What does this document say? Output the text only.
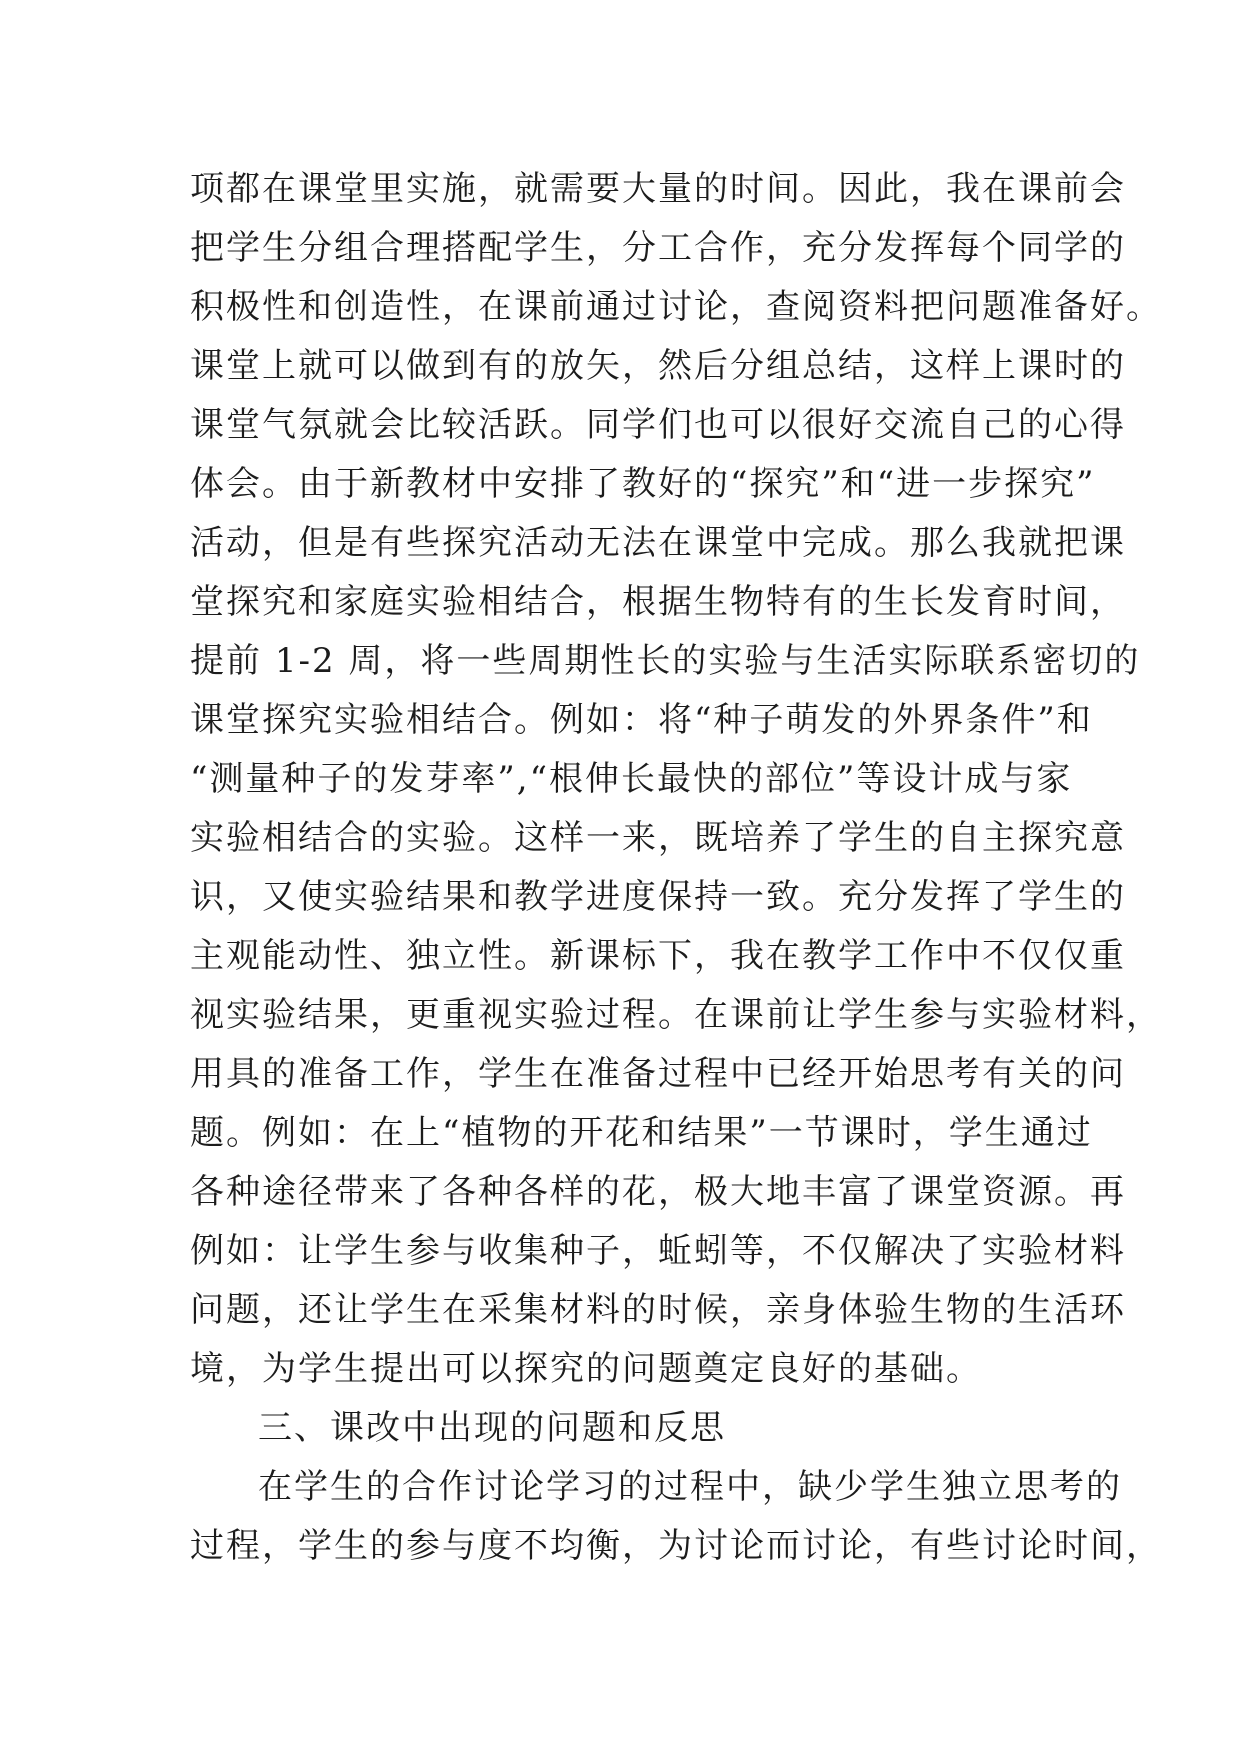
项 都 在 课 堂 里 实 施 ， 就 需 要 大 量 的 时 间 。 因 此 ， 我 在 课 前 会
把 学 生 分 组 合 理 搭 配 学 生 ， 分 工 合 作 ， 充 分 发 挥 每 个 同 学 的
积 极 性 和 创 造 性 ， 在 课 前 通 过 讨 论 ， 查 阅 资 料 把 问 题 准 备 好 。
课 堂 上 就 可 以 做 到 有 的 放 矢 ， 然 后 分 组 总 结 ， 这 样 上 课 时 的
课 堂 气 氛 就 会 比 较 活 跃 。 同 学 们 也 可 以 很 好 交 流 自 己 的 心 得
体 会 。 由 于 新 教 材 中 安 排 了 教 好 的 “ 探 究 ” 和 “ 进 一 步 探 究 ”
活 动 ， 但 是 有 些 探 究 活 动 无 法 在 课 堂 中 完 成 。 那 么 我 就 把 课
堂 探 究 和 家 庭 实 验 相 结 合 ， 根 据 生 物 特 有 的 生 长 发 育 时 间 ，
提 前
1 - 2
周 ， 将 一 些 周 期 性 长 的 实 验 与 生 活 实 际 联 系 密 切 的
课 堂 探 究 实 验 相 结 合 。 例 如 ： 将 “ 种 子 萌 发 的 外 界 条 件 ” 和
“ 测 量 种 子 的 发 芽 率 ” , “ 根 伸 长 最 快 的 部 位 ” 等 设 计 成 与 家
实 验 相 结 合 的 实 验 。 这 样 一 来 ， 既 培 养 了 学 生 的 自 主 探 究 意
识 ， 又 使 实 验 结 果 和 教 学 进 度 保 持 一 致 。 充 分 发 挥 了 学 生 的
主 观 能 动 性 、 独 立 性 。 新 课 标 下 ， 我 在 教 学 工 作 中 不 仅 仅 重
视 实 验 结 果 ， 更 重 视 实 验 过 程 。 在 课 前 让 学 生 参 与 实 验 材 料 ，
用 具 的 准 备 工 作 ， 学 生 在 准 备 过 程 中 已 经 开 始 思 考 有 关 的 问
题 。 例 如 ： 在 上 “ 植 物 的 开 花 和 结 果 ” 一 节 课 时 ， 学 生 通 过
各 种 途 径 带 来 了 各 种 各 样 的 花 ， 极 大 地 丰 富 了 课 堂 资 源 。 再
例 如 ： 让 学 生 参 与 收 集 种 子 ， 蚯 蚓 等 ， 不 仅 解 决 了 实 验 材 料
问 题 ， 还 让 学 生 在 采 集 材 料 的 时 候 ， 亲 身 体 验 生 物 的 生 活 环
境，为学生提出可以探究的问题奠定良好的基础。
三、课改中出现的问题和反思
在 学 生 的 合 作 讨 论 学 习 的 过 程 中 ， 缺 少 学 生 独 立 思 考 的
过 程 ， 学 生 的 参 与 度 不 均 衡 ， 为 讨 论 而 讨 论 ， 有 些 讨 论 时 间 ，
